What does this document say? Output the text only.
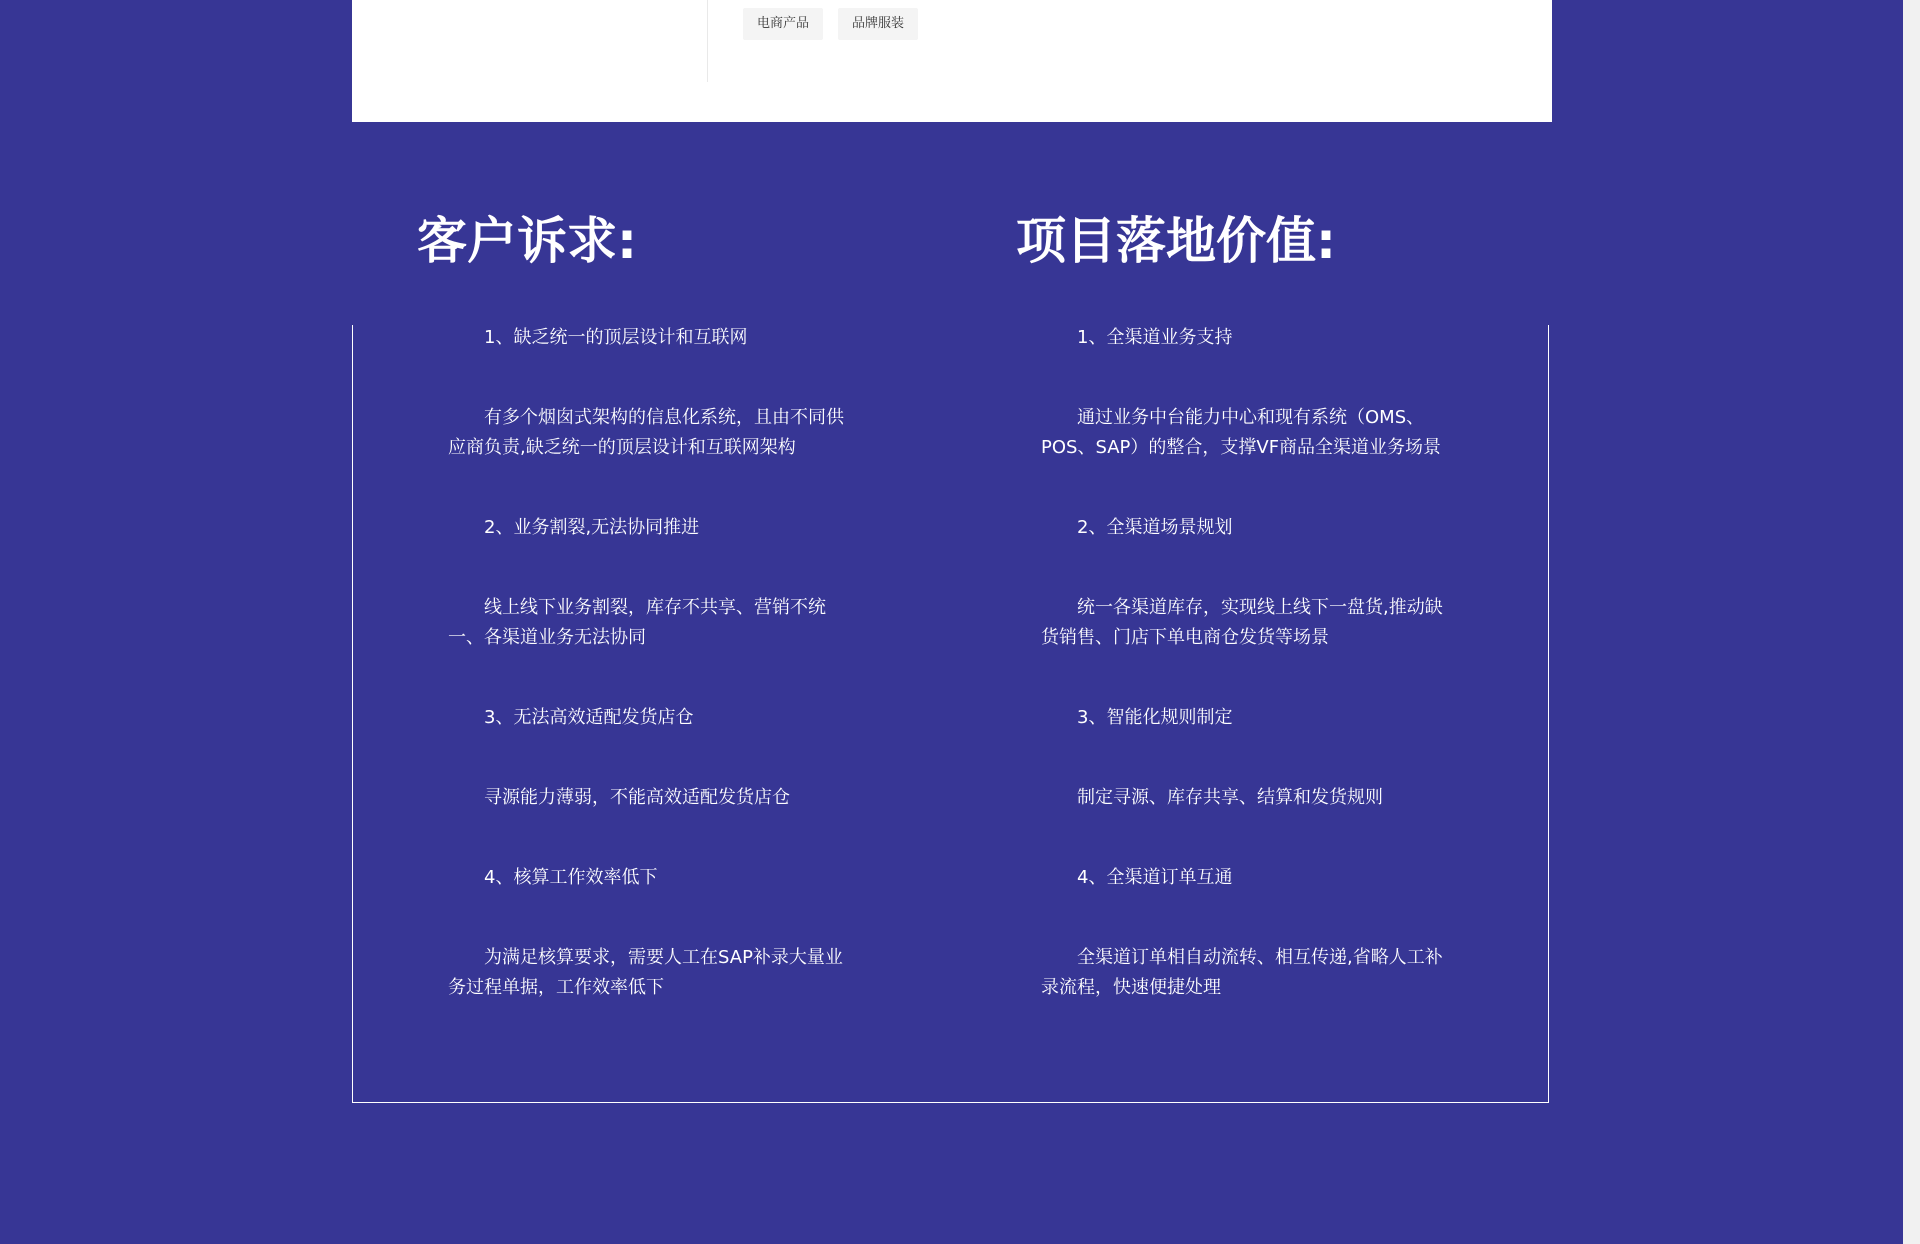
电商产品	品牌服装
客户诉求:	项目落地价值:

1、缺乏统一的顶层设计和互联网

有多个烟囱式架构的信息化系统，且由不同供应商负责,缺乏统一的顶层设计和互联网架构

2、业务割裂,无法协同推进

线上线下业务割裂，库存不共享、营销不统一、各渠道业务无法协同

3、无法高效适配发货店仓

寻源能力薄弱，不能高效适配发货店仓

4、核算工作效率低下

为满足核算要求，需要人工在SAP补录大量业务过程单据，工作效率低下

1、全渠道业务支持

通过业务中台能力中心和现有系统（OMS、POS、SAP）的整合，支撑VF商品全渠道业务场景

2、全渠道场景规划

统一各渠道库存，实现线上线下一盘货,推动缺货销售、门店下单电商仓发货等场景

3、智能化规则制定

制定寻源、库存共享、结算和发货规则

4、全渠道订单互通

全渠道订单相自动流转、相互传递,省略人工补录流程，快速便捷处理
